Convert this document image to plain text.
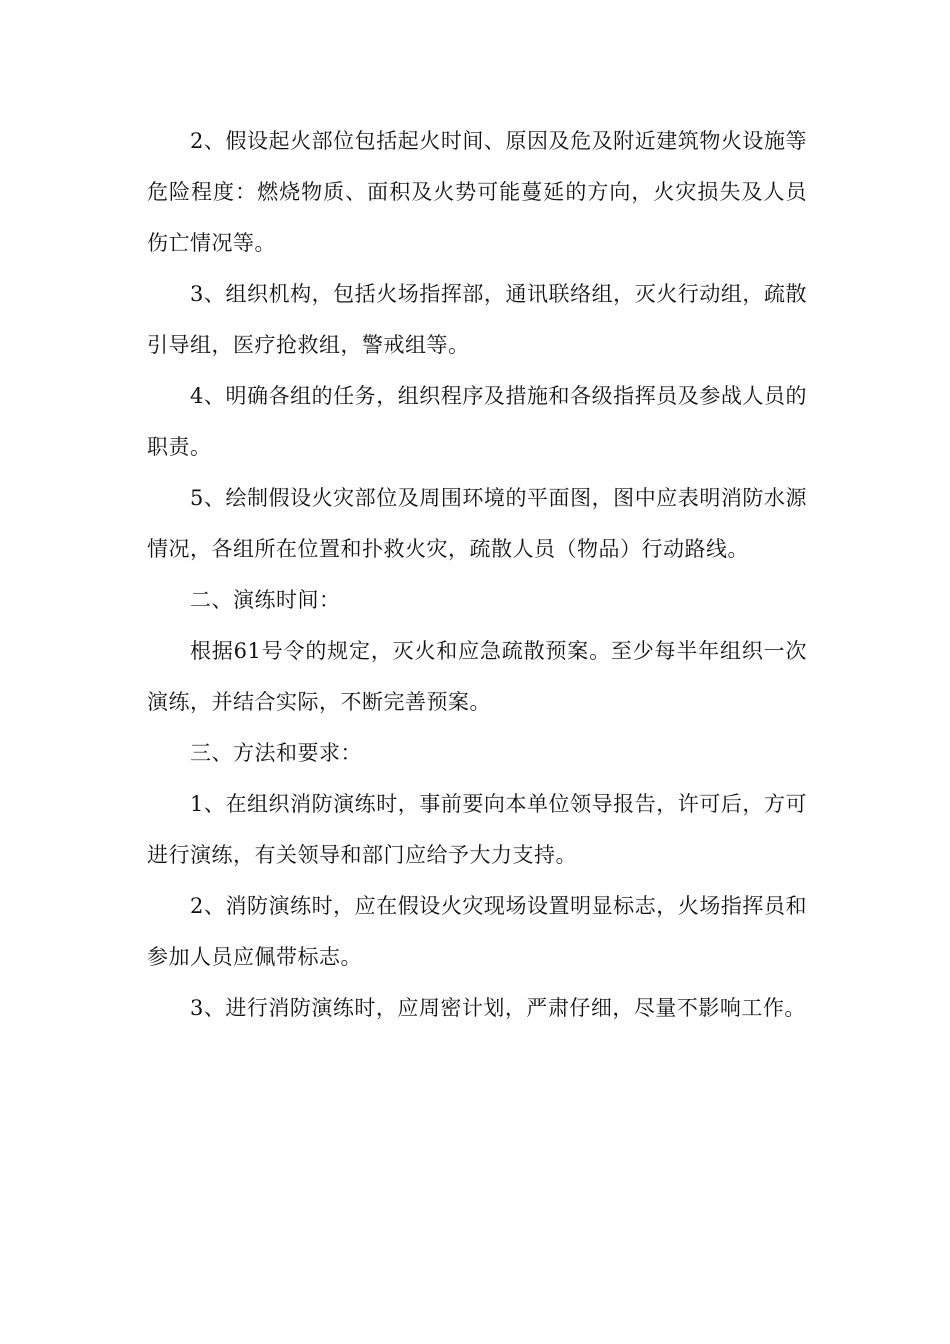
2、假设起火部位包括起火时间、原因及危及附近建筑物火设施等危险程度：燃烧物质、面积及火势可能蔓延的方向，火灾损失及人员伤亡情况等。

3、组织机构，包括火场指挥部，通讯联络组，灭火行动组，疏散引导组，医疗抢救组，警戒组等。

4、明确各组的任务，组织程序及措施和各级指挥员及参战人员的职责。

5、绘制假设火灾部位及周围环境的平面图，图中应表明消防水源情况，各组所在位置和扑救火灾，疏散人员（物品）行动路线。

二、演练时间：

根据61号令的规定，灭火和应急疏散预案。至少每半年组织一次演练，并结合实际，不断完善预案。

三、方法和要求：

1、在组织消防演练时，事前要向本单位领导报告，许可后，方可进行演练，有关领导和部门应给予大力支持。

2、消防演练时，应在假设火灾现场设置明显标志，火场指挥员和参加人员应佩带标志。

3、进行消防演练时，应周密计划，严肃仔细，尽量不影响工作。
